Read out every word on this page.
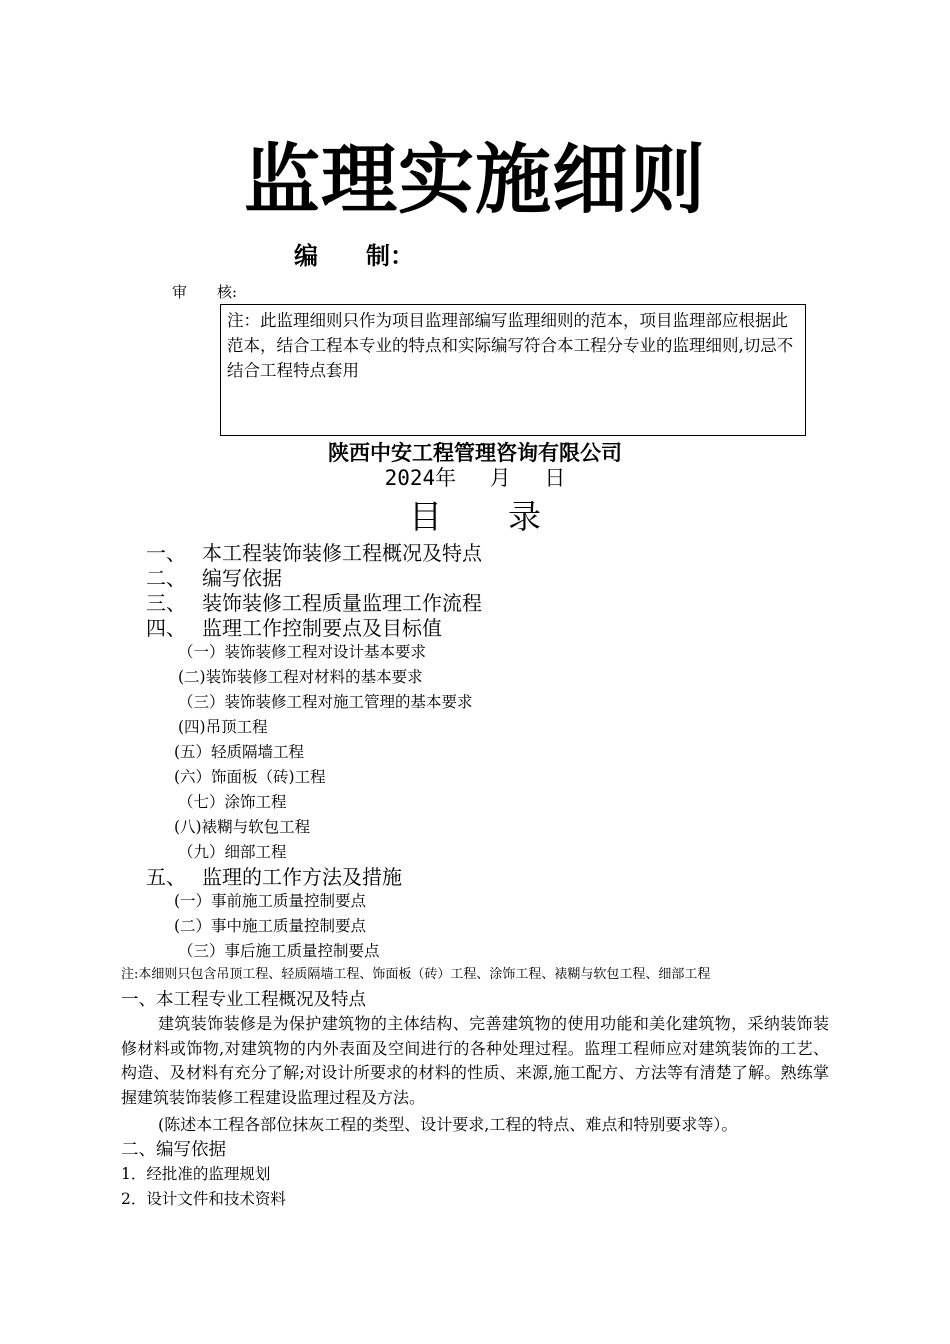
监理实施细则
编　　制：
审　　核:
注：此监理细则只作为项目监理部编写监理细则的范本，项目监理部应根据此范本，结合工程本专业的特点和实际编写符合本工程分专业的监理细则,切忌不结合工程特点套用
陕西中安工程管理咨询有限公司
2024年　 月　 日
目　　录
一、 本工程装饰装修工程概况及特点
二、 编写依据
三、 装饰装修工程质量监理工作流程
四、 监理工作控制要点及目标值
（一）装饰装修工程对设计基本要求
(二)装饰装修工程对材料的基本要求
（三）装饰装修工程对施工管理的基本要求
(四)吊顶工程
(五）轻质隔墙工程
(六）饰面板（砖)工程
（七）涂饰工程
(八)裱糊与软包工程
（九）细部工程
五、 监理的工作方法及措施
(一）事前施工质量控制要点
(二）事中施工质量控制要点
（三）事后施工质量控制要点
注:本细则只包含吊顶工程、轻质隔墙工程、饰面板（砖）工程、涂饰工程、裱糊与软包工程、细部工程
一、本工程专业工程概况及特点
建筑装饰装修是为保护建筑物的主体结构、完善建筑物的使用功能和美化建筑物，采纳装饰装修材料或饰物,对建筑物的内外表面及空间进行的各种处理过程。监理工程师应对建筑装饰的工艺、构造、及材料有充分了解;对设计所要求的材料的性质、来源,施工配方、方法等有清楚了解。熟练掌握建筑装饰装修工程建设监理过程及方法。
(陈述本工程各部位抹灰工程的类型、设计要求,工程的特点、难点和特别要求等）。
二、编写依据
1．经批准的监理规划
2．设计文件和技术资料
